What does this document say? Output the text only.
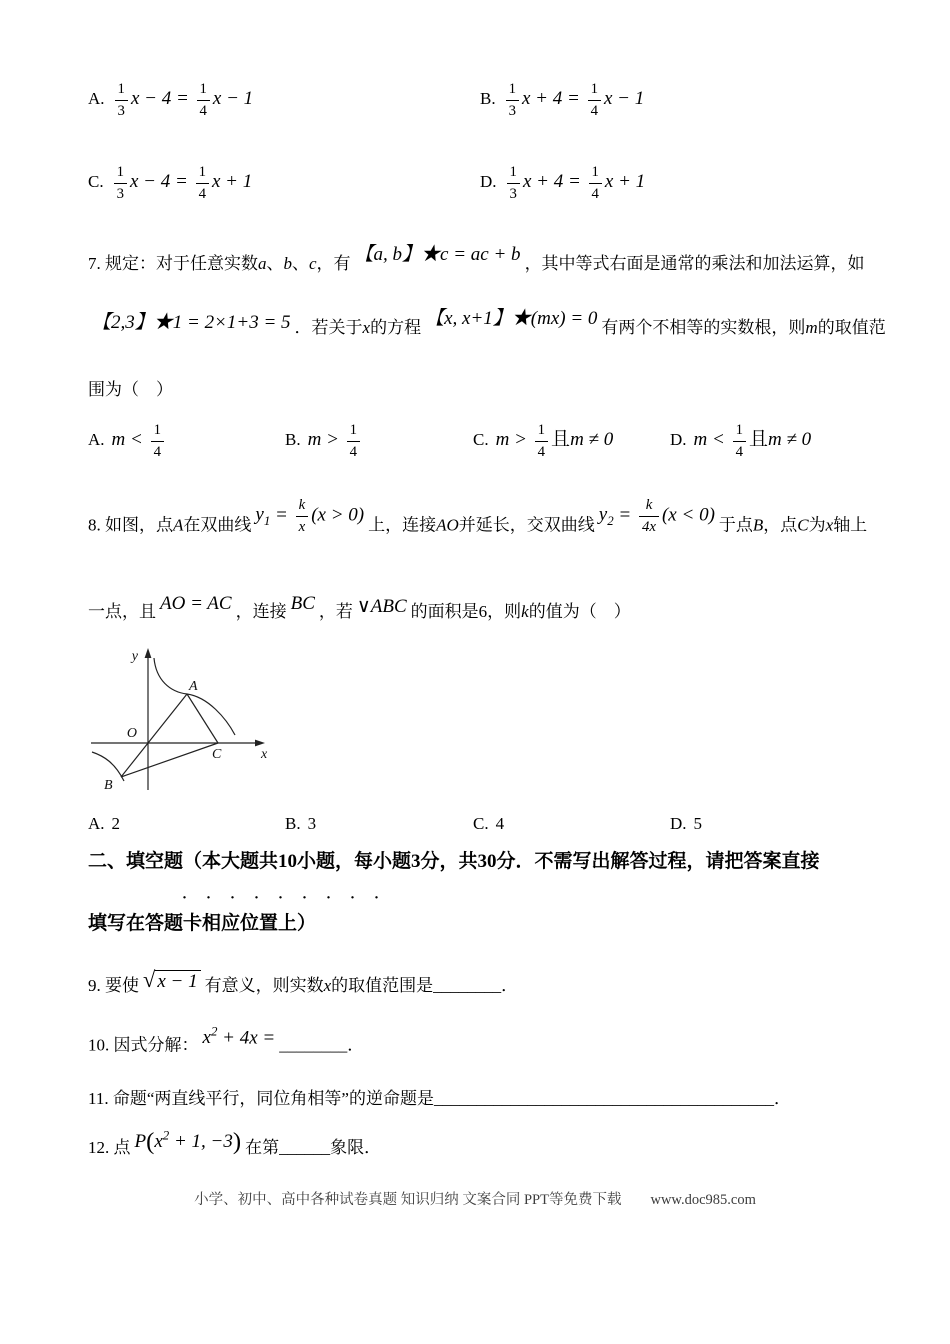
A. $\frac{1}{3}$ $x - 4 = \frac{1}{4}$ x − 1	B. $\frac{1}{3}$ $x + 4 = \frac{1}{4}$ x − 1
C. $\frac{1}{3}$ $x - 4 = \frac{1}{4}$ x + 1	D. $\frac{1}{3}$ $x + 4 = \frac{1}{4}$ x + 1
7. 规定：对于任意实数a、b、c，有 【a, b】★c = ac + b ，其中等式右面是通常的乘法和加法运算，如
【2,3】★1 = 2×1+3 = 5 ．若关于x的方程 【x, x+1】★(mx) = 0 有两个不相等的实数根，则m的取值范
围为（　）
A. $m < \frac{1}{4}$	B. $m > \frac{1}{4}$	C. $m > \frac{1}{4}$ 且m ≠ 0	D. $m < \frac{1}{4}$ 且m ≠ 0
8. 如图，点A在双曲线 $y_1 = \frac{k}{x} (x > 0)$ 上，连接AO并延长，交双曲线 $y_2 = \frac{k}{4x} (x < 0)$ 于点B，点C为x轴上
一点，且 AO = AC ，连接 BC ，若 ∨ABC 的面积是6，则k的值为（　）
y
x
O
A
B
C
A. 2	B. 3	C. 4	D. 5
二、填空题（本大题共10小题，每小题3分，共30分．不需写出解答过程，请把答案直接
·········
填写在答题卡相应位置上）
9. 要使 √ x − 1 有意义，则实数x的取值范围是________．
10. 因式分解： $x^2 + 4x$ =________．
11. 命题“两直线平行，同位角相等”的逆命题是________________________________________．
12. 点 $P(x^2 + 1$, −3) 在第______象限．
小学、初中、高中各种试卷真题 知识归纳 文案合同 PPT等免费下载　　www.doc985.com
